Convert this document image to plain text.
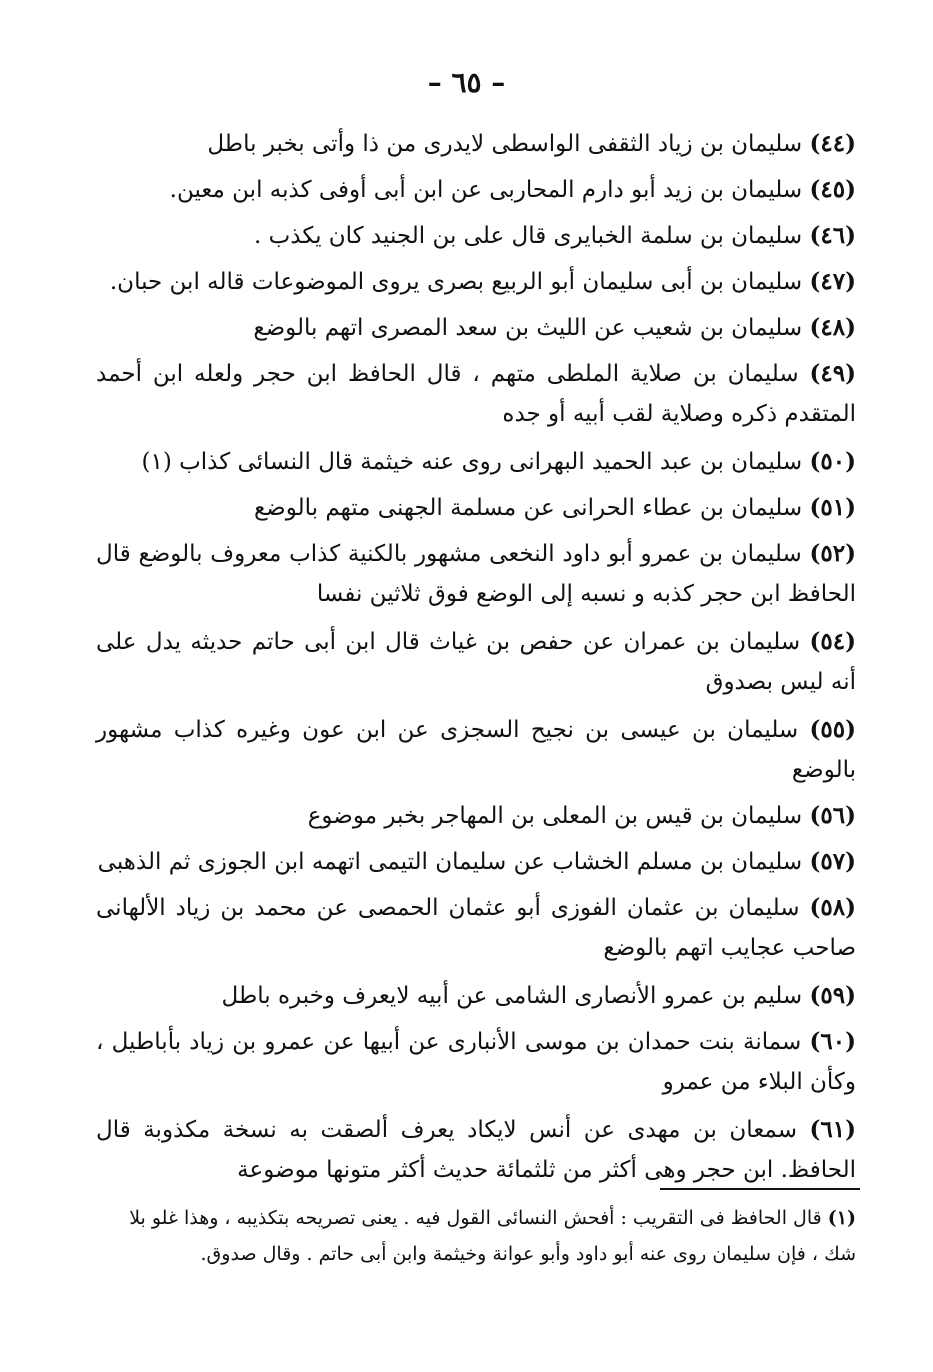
– ٦٥ –

(٤٤) سليمان بن زياد الثقفى الواسطى لايدرى من ذا وأتى بخبر باطل

(٤٥) سليمان بن زيد أبو دارم المحاربى عن ابن أبى أوفى كذبه ابن معين.

(٤٦) سليمان بن سلمة الخبايرى قال على بن الجنيد كان يكذب .

(٤٧) سليمان بن أبى سليمان أبو الربيع بصرى يروى الموضوعات قاله ابن حبان.

(٤٨) سليمان بن شعيب عن الليث بن سعد المصرى اتهم بالوضع

(٤٩) سليمان بن صلاية الملطى متهم ، قال الحافظ ابن حجر ولعله ابن أحمد المتقدم ذكره وصلاية لقب أبيه أو جده

(٥٠) سليمان بن عبد الحميد البهرانى روى عنه خيثمة قال النسائى كذاب (١)

(٥١) سليمان بن عطاء الحرانى عن مسلمة الجهنى متهم بالوضع

(٥٢) سليمان بن عمرو أبو داود النخعى مشهور بالكنية كذاب معروف بالوضع قال الحافظ ابن حجر كذبه و نسبه إلى الوضع فوق ثلاثين نفسا

(٥٤) سليمان بن عمران عن حفص بن غياث قال ابن أبى حاتم حديثه يدل على أنه ليس بصدوق

(٥٥) سليمان بن عيسى بن نجيح السجزى عن ابن عون وغيره كذاب مشهور بالوضع

(٥٦) سليمان بن قيس بن المعلى بن المهاجر بخبر موضوع

(٥٧) سليمان بن مسلم الخشاب عن سليمان التيمى اتهمه ابن الجوزى ثم الذهبى

(٥٨) سليمان بن عثمان الفوزى أبو عثمان الحمصى عن محمد بن زياد الألهانى صاحب عجايب اتهم بالوضع

(٥٩) سليم بن عمرو الأنصارى الشامى عن أبيه لايعرف وخبره باطل

(٦٠) سمانة بنت حمدان بن موسى الأنبارى عن أبيها عن عمرو بن زياد بأباطيل ، وكأن البلاء من عمرو

(٦١) سمعان بن مهدى عن أنس لايكاد يعرف ألصقت به نسخة مكذوبة قال الحافظ. ابن حجر وهى أكثر من ثلثمائة حديث أكثر متونها موضوعة

(١) قال الحافظ فى التقريب : أفحش النسائى القول فيه . يعنى تصريحه بتكذيبه ، وهذا غلو بلا شك ، فإن سليمان روى عنه أبو داود وأبو عوانة وخيثمة وابن أبى حاتم . وقال صدوق.
